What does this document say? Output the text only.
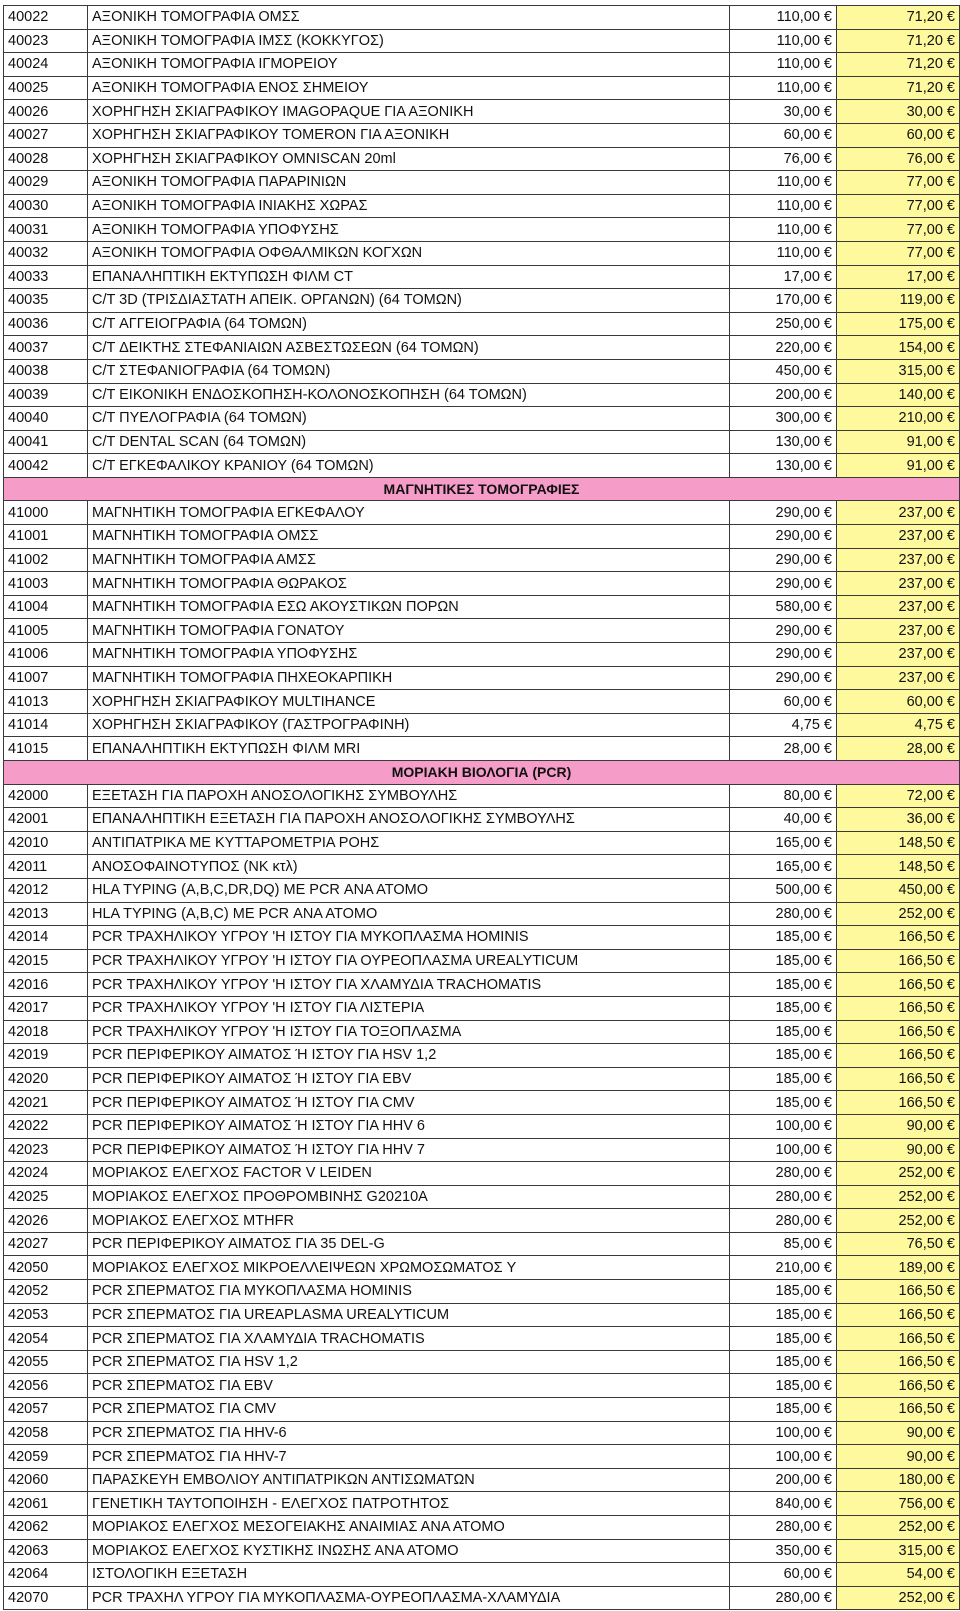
40022	ΑΞΟΝΙΚΗ ΤΟΜΟΓΡΑΦΙΑ ΟΜΣΣ	110,00 €	71,20 €
40023	ΑΞΟΝΙΚΗ ΤΟΜΟΓΡΑΦΙΑ ΙΜΣΣ (ΚΟΚΚΥΓΟΣ)	110,00 €	71,20 €
40024	ΑΞΟΝΙΚΗ ΤΟΜΟΓΡΑΦΙΑ ΙΓΜΟΡΕΙΟΥ	110,00 €	71,20 €
40025	ΑΞΟΝΙΚΗ ΤΟΜΟΓΡΑΦΙΑ ΕΝΟΣ ΣΗΜΕΙΟΥ	110,00 €	71,20 €
40026	ΧΟΡΗΓΗΣΗ ΣΚΙΑΓΡΑΦΙΚΟΥ IMAGOPAQUE ΓΙΑ ΑΞΟΝΙΚΗ	30,00 €	30,00 €
40027	ΧΟΡΗΓΗΣΗ ΣΚΙΑΓΡΑΦΙΚΟΥ TOMERON ΓΙΑ ΑΞΟΝΙΚΗ	60,00 €	60,00 €
40028	ΧΟΡΗΓΗΣΗ ΣΚΙΑΓΡΑΦΙΚΟΥ OMNISCAN 20ml	76,00 €	76,00 €
40029	ΑΞΟΝΙΚΗ ΤΟΜΟΓΡΑΦΙΑ ΠΑΡΑΡΙΝΙΩΝ	110,00 €	77,00 €
40030	ΑΞΟΝΙΚΗ ΤΟΜΟΓΡΑΦΙΑ ΙΝΙΑΚΗΣ ΧΩΡΑΣ	110,00 €	77,00 €
40031	ΑΞΟΝΙΚΗ ΤΟΜΟΓΡΑΦΙΑ ΥΠΟΦΥΣΗΣ	110,00 €	77,00 €
40032	ΑΞΟΝΙΚΗ ΤΟΜΟΓΡΑΦΙΑ ΟΦΘΑΛΜΙΚΩΝ ΚΟΓΧΩΝ	110,00 €	77,00 €
40033	ΕΠΑΝΑΛΗΠΤΙΚΗ ΕΚΤΥΠΩΣΗ ΦΙΛΜ CT	17,00 €	17,00 €
40035	C/T 3D (ΤΡΙΣΔΙΑΣΤΑΤΗ ΑΠΕΙΚ. ΟΡΓΑΝΩΝ) (64 ΤΟΜΩΝ)	170,00 €	119,00 €
40036	C/T ΑΓΓΕΙΟΓΡΑΦΙΑ (64 ΤΟΜΩΝ)	250,00 €	175,00 €
40037	C/T ΔΕΙΚΤΗΣ ΣΤΕΦΑΝΙΑΙΩΝ ΑΣΒΕΣΤΩΣΕΩΝ (64 ΤΟΜΩΝ)	220,00 €	154,00 €
40038	C/T ΣΤΕΦΑΝΙΟΓΡΑΦΙΑ (64 ΤΟΜΩΝ)	450,00 €	315,00 €
40039	C/T ΕΙΚΟΝΙΚΗ ΕΝΔΟΣΚΟΠΗΣΗ-ΚΟΛΟΝΟΣΚΟΠΗΣΗ (64 ΤΟΜΩΝ)	200,00 €	140,00 €
40040	C/T ΠΥΕΛΟΓΡΑΦΙΑ (64 ΤΟΜΩΝ)	300,00 €	210,00 €
40041	C/T DENTAL SCAN (64 ΤΟΜΩΝ)	130,00 €	91,00 €
40042	C/T ΕΓΚΕΦΑΛΙΚΟΥ ΚΡΑΝΙΟΥ (64 ΤΟΜΩΝ)	130,00 €	91,00 €
ΜΑΓΝΗΤΙΚΕΣ ΤΟΜΟΓΡΑΦΙΕΣ			
41000	ΜΑΓΝΗΤΙΚΗ ΤΟΜΟΓΡΑΦΙΑ ΕΓΚΕΦΑΛΟΥ	290,00 €	237,00 €
41001	ΜΑΓΝΗΤΙΚΗ ΤΟΜΟΓΡΑΦΙΑ ΟΜΣΣ	290,00 €	237,00 €
41002	ΜΑΓΝΗΤΙΚΗ ΤΟΜΟΓΡΑΦΙΑ ΑΜΣΣ	290,00 €	237,00 €
41003	ΜΑΓΝΗΤΙΚΗ ΤΟΜΟΓΡΑΦΙΑ ΘΩΡΑΚΟΣ	290,00 €	237,00 €
41004	ΜΑΓΝΗΤΙΚΗ ΤΟΜΟΓΡΑΦΙΑ ΕΣΩ ΑΚΟΥΣΤΙΚΩΝ ΠΟΡΩΝ	580,00 €	237,00 €
41005	ΜΑΓΝΗΤΙΚΗ ΤΟΜΟΓΡΑΦΙΑ ΓΟΝΑΤΟΥ	290,00 €	237,00 €
41006	ΜΑΓΝΗΤΙΚΗ ΤΟΜΟΓΡΑΦΙΑ ΥΠΟΦΥΣΗΣ	290,00 €	237,00 €
41007	ΜΑΓΝΗΤΙΚΗ ΤΟΜΟΓΡΑΦΙΑ ΠΗΧΕΟΚΑΡΠΙΚΗ	290,00 €	237,00 €
41013	ΧΟΡΗΓΗΣΗ ΣΚΙΑΓΡΑΦΙΚΟΥ MULTIHANCE	60,00 €	60,00 €
41014	ΧΟΡΗΓΗΣΗ ΣΚΙΑΓΡΑΦΙΚΟΥ (ΓΑΣΤΡΟΓΡΑΦΙΝΗ)	4,75 €	4,75 €
41015	ΕΠΑΝΑΛΗΠΤΙΚΗ ΕΚΤΥΠΩΣΗ ΦΙΛΜ MRI	28,00 €	28,00 €
ΜΟΡΙΑΚΗ ΒΙΟΛΟΓΙΑ (PCR)			
42000	ΕΞΕΤΑΣΗ ΓΙΑ ΠΑΡΟΧΗ ΑΝΟΣΟΛΟΓΙΚΗΣ ΣΥΜΒΟΥΛΗΣ	80,00 €	72,00 €
42001	ΕΠΑΝΑΛΗΠΤΙΚΗ ΕΞΕΤΑΣΗ ΓΙΑ ΠΑΡΟΧΗ ΑΝΟΣΟΛΟΓΙΚΗΣ ΣΥΜΒΟΥΛΗΣ	40,00 €	36,00 €
42010	ΑΝΤΙΠΑΤΡΙΚΑ ΜΕ ΚΥΤΤΑΡΟΜΕΤΡΙΑ ΡΟΗΣ	165,00 €	148,50 €
42011	ΑΝΟΣΟΦΑΙΝΟΤΥΠΟΣ (NK κτλ)	165,00 €	148,50 €
42012	HLA TYPING (A,B,C,DR,DQ) ΜΕ PCR ΑΝΑ ΑΤΟΜΟ	500,00 €	450,00 €
42013	HLA TYPING (A,B,C) ΜΕ PCR ΑΝΑ ΑΤΟΜΟ	280,00 €	252,00 €
42014	PCR ΤΡΑΧΗΛΙΚΟΥ ΥΓΡΟΥ 'Η ΙΣΤΟΥ ΓΙΑ ΜΥΚΟΠΛΑΣΜΑ HOMINIS	185,00 €	166,50 €
42015	PCR ΤΡΑΧΗΛΙΚΟΥ ΥΓΡΟΥ 'Η ΙΣΤΟΥ ΓΙΑ ΟΥΡΕΟΠΛΑΣΜΑ UREALYTICUM	185,00 €	166,50 €
42016	PCR ΤΡΑΧΗΛΙΚΟΥ ΥΓΡΟΥ 'Η ΙΣΤΟΥ ΓΙΑ ΧΛΑΜΥΔΙΑ TRACHOMATIS	185,00 €	166,50 €
42017	PCR ΤΡΑΧΗΛΙΚΟΥ ΥΓΡΟΥ 'Η ΙΣΤΟΥ ΓΙΑ ΛΙΣΤΕΡΙΑ	185,00 €	166,50 €
42018	PCR ΤΡΑΧΗΛΙΚΟΥ ΥΓΡΟΥ 'Η ΙΣΤΟΥ ΓΙΑ ΤΟΞΟΠΛΑΣΜΑ	185,00 €	166,50 €
42019	PCR ΠΕΡΙΦΕΡΙΚΟΥ ΑΙΜΑΤΟΣ Ή ΙΣΤΟΥ ΓΙΑ HSV 1,2	185,00 €	166,50 €
42020	PCR ΠΕΡΙΦΕΡΙΚΟΥ ΑΙΜΑΤΟΣ Ή ΙΣΤΟΥ ΓΙΑ EBV	185,00 €	166,50 €
42021	PCR ΠΕΡΙΦΕΡΙΚΟΥ ΑΙΜΑΤΟΣ Ή ΙΣΤΟΥ ΓΙΑ CMV	185,00 €	166,50 €
42022	PCR ΠΕΡΙΦΕΡΙΚΟΥ ΑΙΜΑΤΟΣ Ή ΙΣΤΟΥ ΓΙΑ HHV 6	100,00 €	90,00 €
42023	PCR ΠΕΡΙΦΕΡΙΚΟΥ ΑΙΜΑΤΟΣ Ή ΙΣΤΟΥ ΓΙΑ HHV 7	100,00 €	90,00 €
42024	ΜΟΡΙΑΚΟΣ ΕΛΕΓΧΟΣ FACTOR V LEIDEN	280,00 €	252,00 €
42025	ΜΟΡΙΑΚΟΣ ΕΛΕΓΧΟΣ ΠΡΟΘΡΟΜΒΙΝΗΣ G20210A	280,00 €	252,00 €
42026	ΜΟΡΙΑΚΟΣ ΕΛΕΓΧΟΣ MTHFR	280,00 €	252,00 €
42027	PCR ΠΕΡΙΦΕΡΙΚΟΥ ΑΙΜΑΤΟΣ ΓΙΑ 35 DEL-G	85,00 €	76,50 €
42050	ΜΟΡΙΑΚΟΣ ΕΛΕΓΧΟΣ ΜΙΚΡΟΕΛΛΕΙΨΕΩΝ ΧΡΩΜΟΣΩΜΑΤΟΣ Y	210,00 €	189,00 €
42052	PCR ΣΠΕΡΜΑΤΟΣ ΓΙΑ ΜΥΚΟΠΛΑΣΜΑ HOMINIS	185,00 €	166,50 €
42053	PCR ΣΠΕΡΜΑΤΟΣ ΓΙΑ UREAPLASMA UREALYTICUM	185,00 €	166,50 €
42054	PCR ΣΠΕΡΜΑΤΟΣ ΓΙΑ ΧΛΑΜΥΔΙΑ TRACHOMATIS	185,00 €	166,50 €
42055	PCR ΣΠΕΡΜΑΤΟΣ ΓΙΑ HSV 1,2	185,00 €	166,50 €
42056	PCR ΣΠΕΡΜΑΤΟΣ ΓΙΑ EBV	185,00 €	166,50 €
42057	PCR ΣΠΕΡΜΑΤΟΣ ΓΙΑ CMV	185,00 €	166,50 €
42058	PCR ΣΠΕΡΜΑΤΟΣ ΓΙΑ HHV-6	100,00 €	90,00 €
42059	PCR ΣΠΕΡΜΑΤΟΣ ΓΙΑ HHV-7	100,00 €	90,00 €
42060	ΠΑΡΑΣΚΕΥΗ ΕΜΒΟΛΙΟΥ ΑΝΤΙΠΑΤΡΙΚΩΝ ΑΝΤΙΣΩΜΑΤΩΝ	200,00 €	180,00 €
42061	ΓΕΝΕΤΙΚΗ ΤΑΥΤΟΠΟΙΗΣΗ - ΕΛΕΓΧΟΣ ΠΑΤΡΟΤΗΤΟΣ	840,00 €	756,00 €
42062	ΜΟΡΙΑΚΟΣ ΕΛΕΓΧΟΣ ΜΕΣΟΓΕΙΑΚΗΣ ΑΝΑΙΜΙΑΣ ΑΝΑ ΑΤΟΜΟ	280,00 €	252,00 €
42063	ΜΟΡΙΑΚΟΣ ΕΛΕΓΧΟΣ ΚΥΣΤΙΚΗΣ ΙΝΩΣΗΣ ΑΝΑ ΑΤΟΜΟ	350,00 €	315,00 €
42064	ΙΣΤΟΛΟΓΙΚΗ ΕΞΕΤΑΣΗ	60,00 €	54,00 €
42070	PCR ΤΡΑΧΗΛ ΥΓΡΟΥ ΓΙΑ ΜΥΚΟΠΛΑΣΜΑ-ΟΥΡΕΟΠΛΑΣΜΑ-ΧΛΑΜΥΔΙΑ	280,00 €	252,00 €
